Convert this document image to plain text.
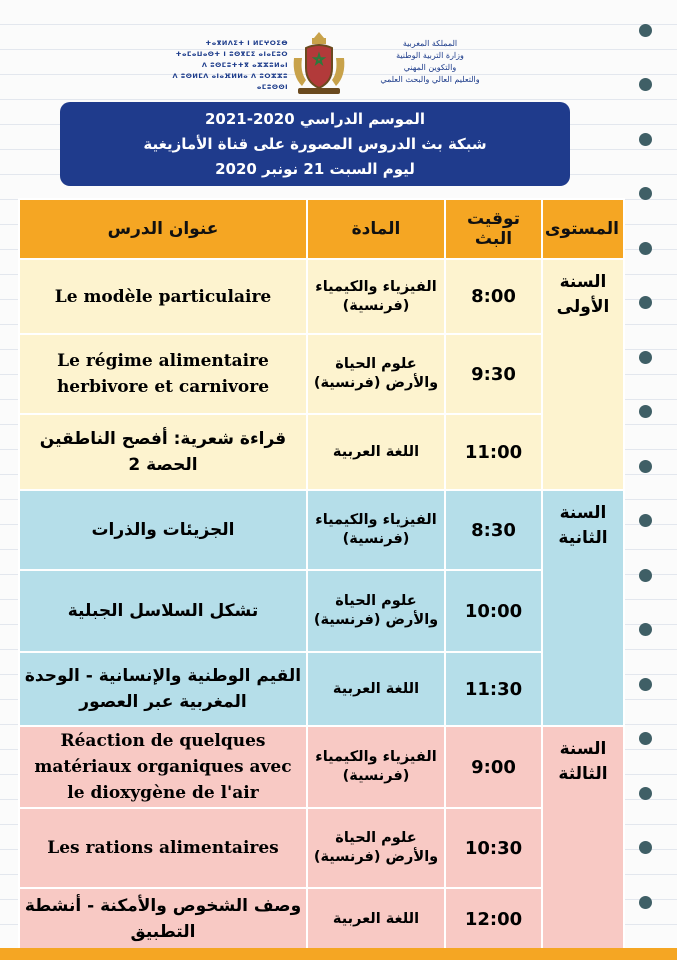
ⵜⴰⴳⵍⴷⵉⵜ ⵏ ⵍⵎⵖⵔⵉⴱ
ⵜⴰⵎⴰⵡⴰⵙⵜ ⵏ ⵓⵙⴳⵎⵉ ⴰⵏⴰⵎⵓⵔ
ⴷ ⵓⵙⵎⵓⵜⵜⴳ ⴰⵣⵣⵓⵍⴰⵏ
ⴷ ⵓⵙⵍⵎⴷ ⴰⵏⴰⴼⵍⵍⴰ ⴷ ⵓⵔⵣⵣⵓ ⴰⵎⵓⵙⵙⵏ
المملكة المغربية
وزارة التربية الوطنية
والتكوين المهني
والتعليم العالي والبحث العلمي
الموسم الدراسي 2020-2021
شبكة بث الدروس المصورة على قناة الأمازيغية
ليوم السبت 21 نونبر 2020
عنوان الدرس	المادة	توقيت البث	المستوى
Le modèle particulaire	الفيزياء والكيمياء (فرنسية)	8:00	السنة الأولى
Le régime alimentaire herbivore et carnivore	علوم الحياة والأرض (فرنسية)	9:30	
قراءة شعرية: أفصح الناطقين الحصة 2	اللغة العربية	11:00	
الجزيئات والذرات	الفيزياء والكيمياء (فرنسية)	8:30	السنة الثانية
تشكل السلاسل الجبلية	علوم الحياة والأرض (فرنسية)	10:00	
القيم الوطنية والإنسانية - الوحدة المغربية عبر العصور	اللغة العربية	11:30	
Réaction de quelques matériaux organiques avec le dioxygène de l'air	الفيزياء والكيمياء (فرنسية)	9:00	السنة الثالثة
Les rations alimentaires	علوم الحياة والأرض (فرنسية)	10:30	
وصف الشخوص والأمكنة - أنشطة التطبيق	اللغة العربية	12:00	
